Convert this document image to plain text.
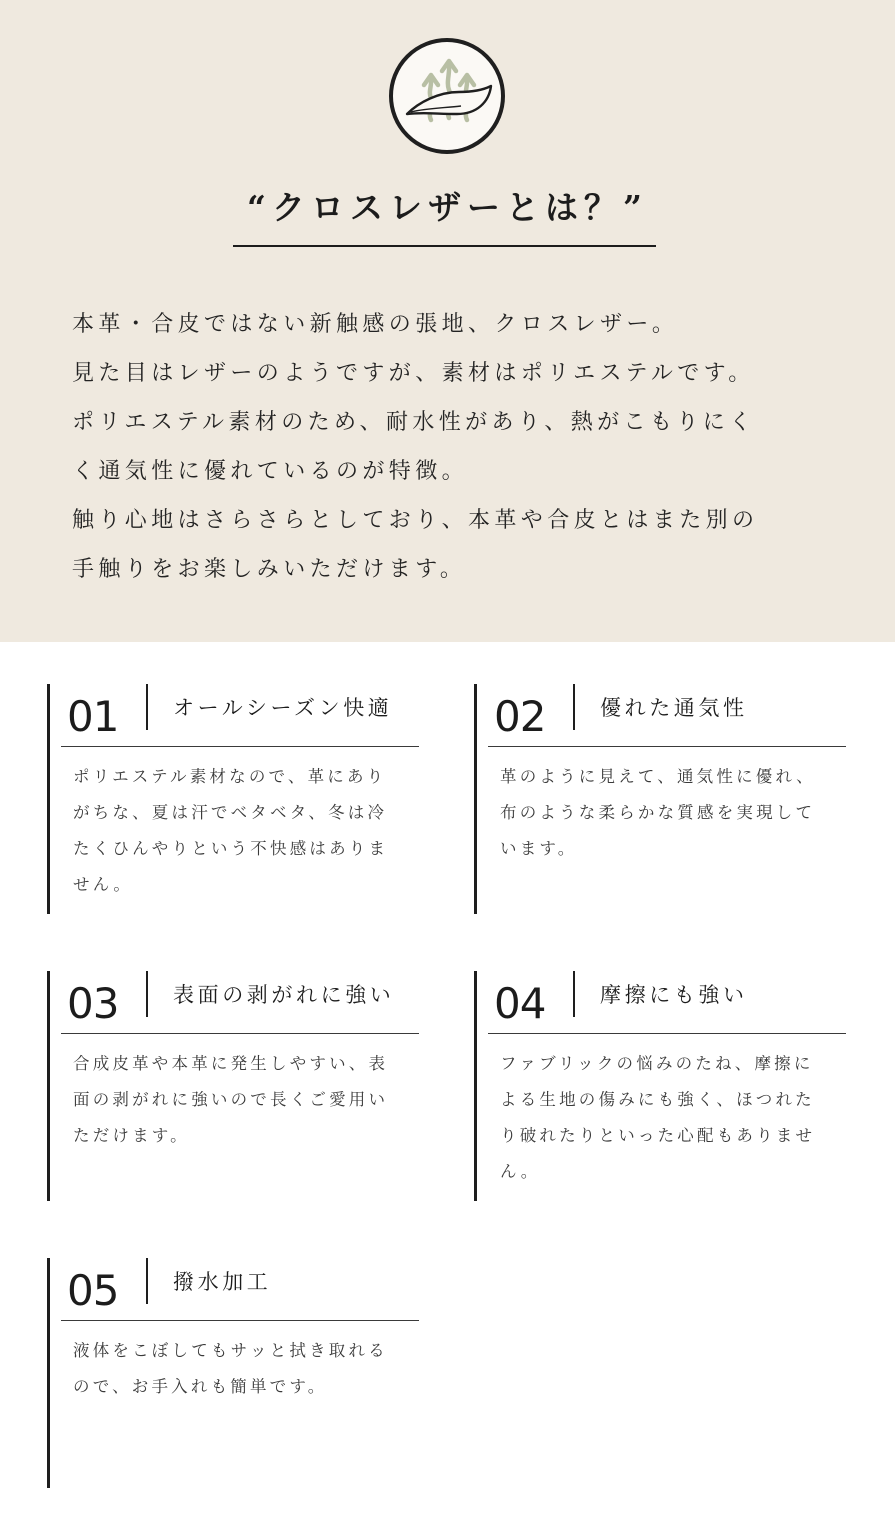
“クロスレザーとは？”

本革・合皮ではない新触感の張地、クロスレザー。

見た目はレザーのようですが、素材はポリエステルです。

ポリエステル素材のため、耐水性があり、熱がこもりにく

く通気性に優れているのが特徴。

触り心地はさらさらとしており、本革や合皮とはまた別の

手触りをお楽しみいただけます。

01	オールシーズン快適

ポリエステル素材なので、革にあり

がちな、夏は汗でベタベタ、冬は冷

たくひんやりという不快感はありま

せん。

02	優れた通気性

革のように見えて、通気性に優れ、

布のような柔らかな質感を実現して

います。

03	表面の剥がれに強い

合成皮革や本革に発生しやすい、表

面の剥がれに強いので長くご愛用い

ただけます。

04	摩擦にも強い

ファブリックの悩みのたね、摩擦に

よる生地の傷みにも強く、ほつれた

り破れたりといった心配もありませ

ん。

05	撥水加工

液体をこぼしてもサッと拭き取れる

ので、お手入れも簡単です。
